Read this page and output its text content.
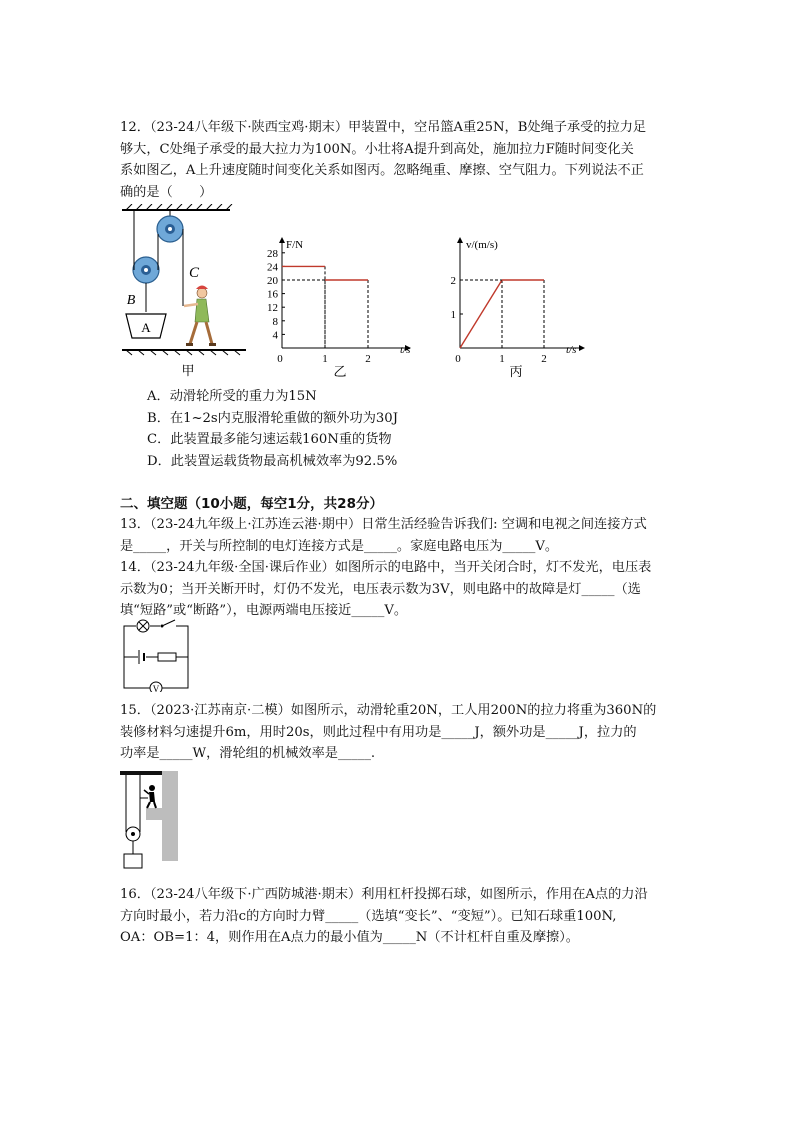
12．（23-24八年级下·陕西宝鸡·期末）甲装置中，空吊篮A重25N，B处绳子承受的拉力足
够大，C处绳子承受的最大拉力为100N。小壮将A提升到高处，施加拉力F随时间变化关
系如图乙，A上升速度随时间变化关系如图丙。忽略绳重、摩擦、空气阻力。下列说法不正
确的是（　　）
A
B
C
甲
F/N
t/s
0	1	2
4
8
12
16
20
24
28
乙
v/(m/s)
t/s
0	1	2
1
2
丙
A．动滑轮所受的重力为15N
B．在1~2s内克服滑轮重做的额外功为30J
C．此装置最多能匀速运载160N重的货物
D．此装置运载货物最高机械效率为92.5%
二、填空题（10小题，每空1分，共28分）
13．（23-24九年级上·江苏连云港·期中）日常生活经验告诉我们: 空调和电视之间连接方式
是_____，开关与所控制的电灯连接方式是_____。家庭电路电压为_____V。
14．（23-24九年级·全国·课后作业）如图所示的电路中，当开关闭合时，灯不发光，电压表
示数为0；当开关断开时，灯仍不发光，电压表示数为3V，则电路中的故障是灯_____（选
填“短路”或“断路”），电源两端电压接近_____V。
V
15．（2023·江苏南京·二模）如图所示，动滑轮重20N，工人用200N的拉力将重为360N的
装修材料匀速提升6m，用时20s，则此过程中有用功是_____J，额外功是_____J，拉力的
功率是_____W，滑轮组的机械效率是_____.
16．（23-24八年级下·广西防城港·期末）利用杠杆投掷石球，如图所示，作用在A点的力沿
方向时最小，若力沿c的方向时力臂_____（选填“变长”、“变短”）。已知石球重100N,
OA：OB=1：4，则作用在A点力的最小值为_____N（不计杠杆自重及摩擦）。
